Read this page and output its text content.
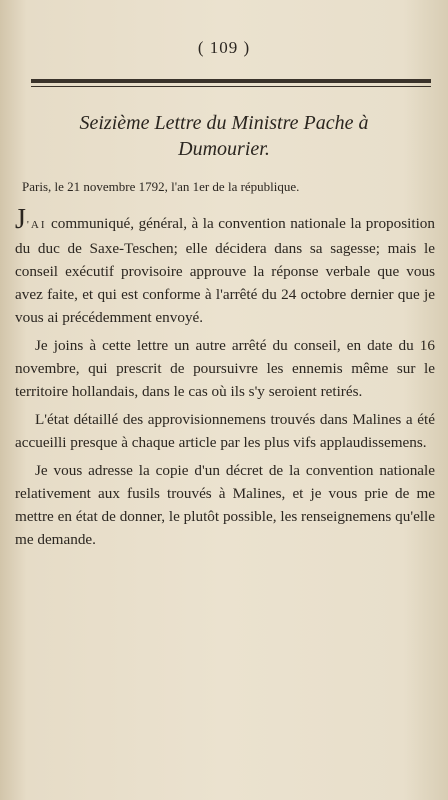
( 109 )
Seizième Lettre du Ministre Pache à
Dumourier.
Paris, le 21 novembre 1792, l'an 1er de la république.

J'AI communiqué, général, à la convention nationale la proposition du duc de Saxe-Teschen; elle décidera dans sa sagesse; mais le conseil exécutif provisoire approuve la réponse verbale que vous avez faite, et qui est conforme à l'arrêté du 24 octobre dernier que je vous ai précédemment envoyé.

Je joins à cette lettre un autre arrêté du conseil, en date du 16 novembre, qui prescrit de poursuivre les ennemis même sur le territoire hollandais, dans le cas où ils s'y seroient retirés.

L'état détaillé des approvisionnemens trouvés dans Malines a été accueilli presque à chaque article par les plus vifs applaudissemens.

Je vous adresse la copie d'un décret de la convention nationale relativement aux fusils trouvés à Malines, et je vous prie de me mettre en état de donner, le plutôt possible, les renseignemens qu'elle me demande.
